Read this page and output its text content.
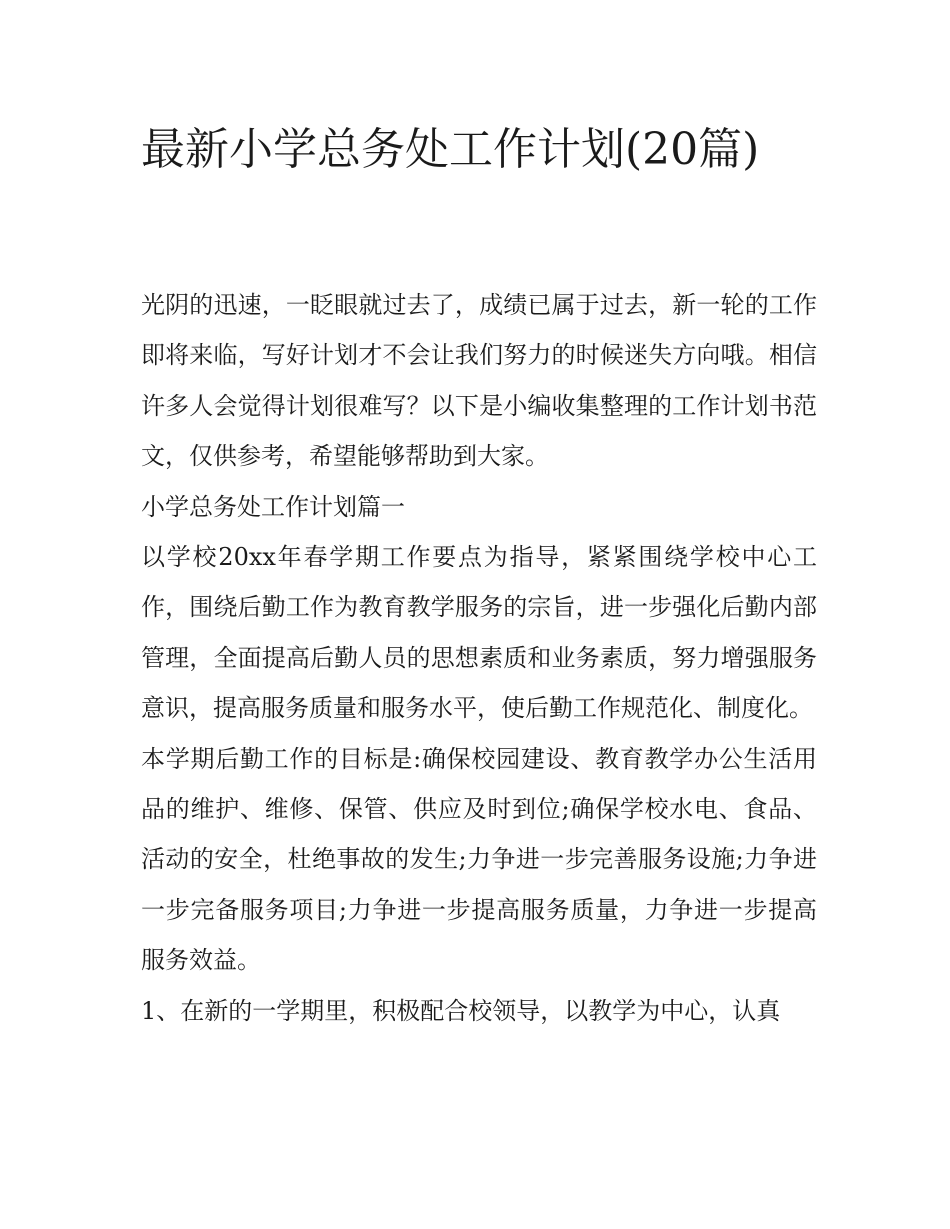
最新小学总务处工作计划(20篇)

光阴的迅速，一眨眼就过去了，成绩已属于过去，新一轮的工作即将来临，写好计划才不会让我们努力的时候迷失方向哦。相信许多人会觉得计划很难写？以下是小编收集整理的工作计划书范文，仅供参考，希望能够帮助到大家。

小学总务处工作计划篇一

以学校20xx年春学期工作要点为指导，紧紧围绕学校中心工作，围绕后勤工作为教育教学服务的宗旨，进一步强化后勤内部管理，全面提高后勤人员的思想素质和业务素质，努力增强服务意识，提高服务质量和服务水平，使后勤工作规范化、制度化。

本学期后勤工作的目标是:确保校园建设、教育教学办公生活用品的维护、维修、保管、供应及时到位;确保学校水电、食品、活动的安全，杜绝事故的发生;力争进一步完善服务设施;力争进一步完备服务项目;力争进一步提高服务质量，力争进一步提高服务效益。

1、在新的一学期里，积极配合校领导，以教学为中心，认真
